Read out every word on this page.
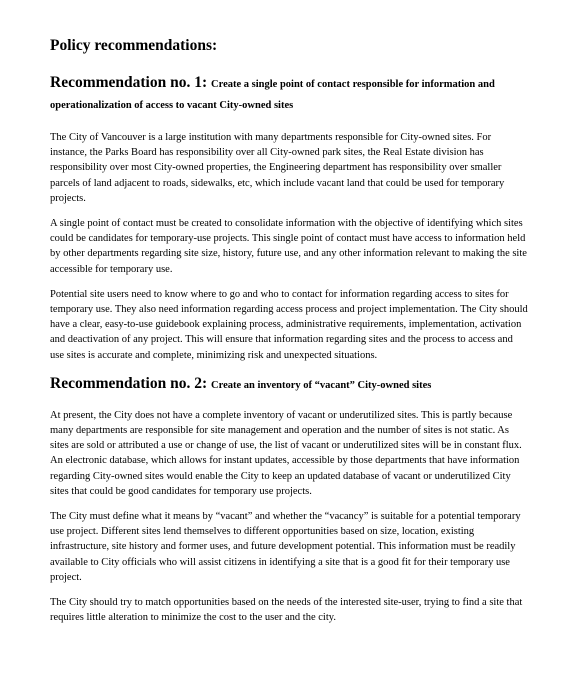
Policy recommendations:
Recommendation no. 1: Create a single point of contact responsible for information and operationalization of access to vacant City-owned sites

The City of Vancouver is a large institution with many departments responsible for City-owned sites. For instance, the Parks Board has responsibility over all City-owned park sites, the Real Estate division has responsibility over most City-owned properties, the Engineering department has responsibility over smaller parcels of land adjacent to roads, sidewalks, etc, which include vacant land that could be used for temporary projects.

A single point of contact must be created to consolidate information with the objective of identifying which sites could be candidates for temporary-use projects. This single point of contact must have access to information held by other departments regarding site size, history, future use, and any other information relevant to making the site accessible for temporary use.

Potential site users need to know where to go and who to contact for information regarding access to sites for temporary use. They also need information regarding access process and project implementation. The City should have a clear, easy-to-use guidebook explaining process, administrative requirements, implementation, activation and deactivation of any project. This will ensure that information regarding sites and the process to access and use sites is accurate and complete, minimizing risk and unexpected situations.

Recommendation no. 2: Create an inventory of “vacant” City-owned sites

At present, the City does not have a complete inventory of vacant or underutilized sites. This is partly because many departments are responsible for site management and operation and the number of sites is not static. As sites are sold or attributed a use or change of use, the list of vacant or underutilized sites will be in constant flux. An electronic database, which allows for instant updates, accessible by those departments that have information regarding City-owned sites would enable the City to keep an updated database of vacant or underutilized City sites that could be good candidates for temporary use projects.

The City must define what it means by “vacant” and whether the “vacancy” is suitable for a potential temporary use project. Different sites lend themselves to different opportunities based on size, location, existing infrastructure, site history and former uses, and future development potential. This information must be readily available to City officials who will assist citizens in identifying a site that is a good fit for their temporary use project.

The City should try to match opportunities based on the needs of the interested site-user, trying to find a site that requires little alteration to minimize the cost to the user and the city.
